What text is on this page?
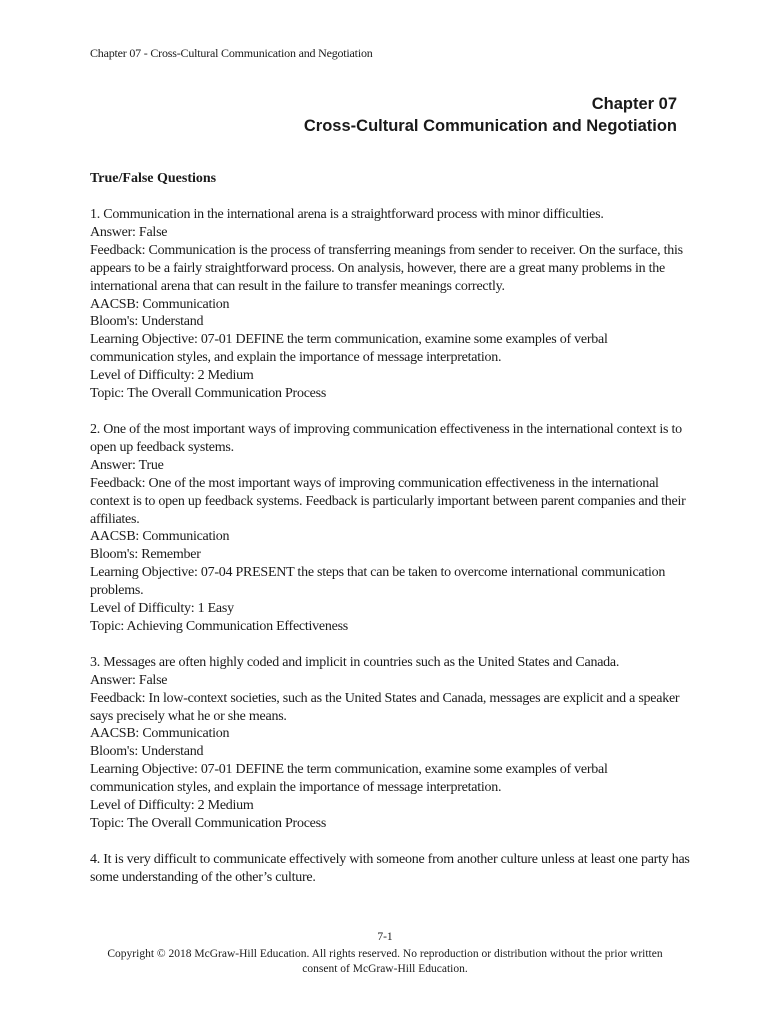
Chapter 07 - Cross-Cultural Communication and Negotiation
Chapter 07
Cross-Cultural Communication and Negotiation
True/False Questions
1. Communication in the international arena is a straightforward process with minor difficulties.
Answer: False
Feedback: Communication is the process of transferring meanings from sender to receiver. On the surface, this appears to be a fairly straightforward process. On analysis, however, there are a great many problems in the international arena that can result in the failure to transfer meanings correctly.
AACSB: Communication
Bloom's: Understand
Learning Objective: 07-01 DEFINE the term communication, examine some examples of verbal communication styles, and explain the importance of message interpretation.
Level of Difficulty: 2 Medium
Topic: The Overall Communication Process
2. One of the most important ways of improving communication effectiveness in the international context is to open up feedback systems.
Answer: True
Feedback: One of the most important ways of improving communication effectiveness in the international context is to open up feedback systems. Feedback is particularly important between parent companies and their affiliates.
AACSB: Communication
Bloom's: Remember
Learning Objective: 07-04 PRESENT the steps that can be taken to overcome international communication problems.
Level of Difficulty: 1 Easy
Topic: Achieving Communication Effectiveness
3. Messages are often highly coded and implicit in countries such as the United States and Canada.
Answer: False
Feedback: In low-context societies, such as the United States and Canada, messages are explicit and a speaker says precisely what he or she means.
AACSB: Communication
Bloom's: Understand
Learning Objective: 07-01 DEFINE the term communication, examine some examples of verbal communication styles, and explain the importance of message interpretation.
Level of Difficulty: 2 Medium
Topic: The Overall Communication Process
4. It is very difficult to communicate effectively with someone from another culture unless at least one party has some understanding of the other’s culture.
7-1
Copyright © 2018 McGraw-Hill Education. All rights reserved. No reproduction or distribution without the prior written consent of McGraw-Hill Education.
